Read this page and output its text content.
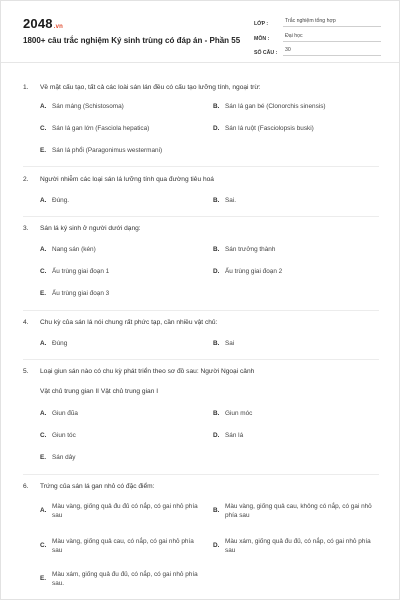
2048.vn
1800+ câu trắc nghiệm Ký sinh trùng có đáp án - Phần 55
LỚP :	Trắc nghiệm tổng hợp
MÔN :	Đại học
SỐ CÂU :	30
1.	Về mặt cấu tạo, tất cả các loài sán lán đều có cấu tạo lưỡng tính, ngoại trừ:
A. Sán máng (Schistosoma)	B. Sán lá gan bé (Clonorchis sinensis)
C. Sán lá gan lớn (Fasciola hepatica)	D. Sán lá ruột (Fasciolopsis buski)
E. Sán lá phổi (Paragonimus westermani)
2.	Người nhiễm các loại sán lá lưỡng tính qua đường tiêu hoá
A. Đúng.	B. Sai.
3.	Sán lá ký sinh ở người dưới dạng:
A. Nang sán (kén)	B. Sán trưởng thành
C. Ấu trùng giai đoạn 1	D. Ấu trùng giai đoạn 2
E. Ấu trùng giai đoạn 3
4.	Chu kỳ của sán lá nói chung rất phức tạp, cần nhiều vật chủ:
A. Đúng	B. Sai
5.	Loại giun sán nào có chu kỳ phát triển theo sơ đồ sau: Người Ngoại cảnh
Vật chủ trung gian II Vật chủ trung gian I
A. Giun đũa	B. Giun móc
C. Giun tóc	D. Sán lá
E. Sán dây
6.	Trứng của sán lá gan nhỏ có đặc điểm:
A.
Màu vàng, giống quả đu đủ có nắp, có gai nhỏ phía sau
B.
Màu vàng, giống quả cau, không có nắp, có gai nhỏ phía sau
C.
Màu vàng, giống quả cau, có nắp, có gai nhỏ phía sau
D.
Màu xám, giống quả đu đủ, có nắp, có gai nhỏ phía sau
E.
Màu xám, giống quả đu đủ, có nắp, có gai nhỏ phía sau.
